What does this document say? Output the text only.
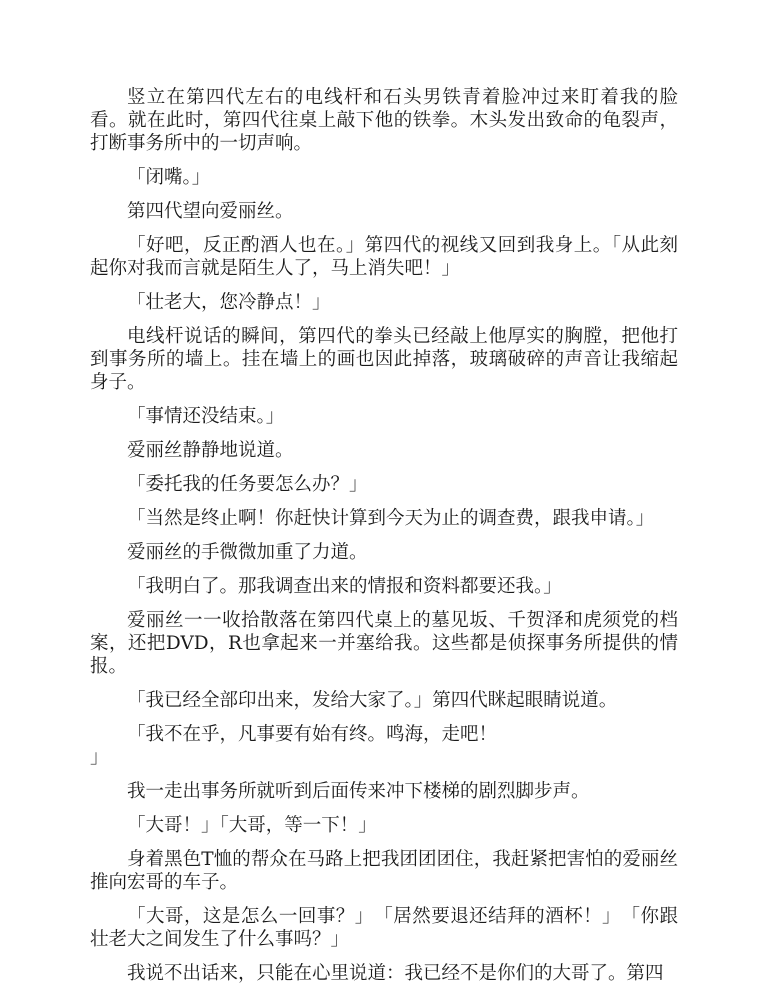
竖立在第四代左右的电线杆和石头男铁青着脸冲过来盯着我的脸看。就在此时，第四代往桌上敲下他的铁拳。木头发出致命的龟裂声，打断事务所中的一切声响。

「闭嘴。」

第四代望向爱丽丝。

「好吧，反正酌酒人也在。」第四代的视线又回到我身上。「从此刻起你对我而言就是陌生人了，马上消失吧！」

「壮老大，您冷静点！」

电线杆说话的瞬间，第四代的拳头已经敲上他厚实的胸膛，把他打到事务所的墙上。挂在墙上的画也因此掉落，玻璃破碎的声音让我缩起身子。

「事情还没结束。」

爱丽丝静静地说道。

「委托我的任务要怎么办？」

「当然是终止啊！你赶快计算到今天为止的调查费，跟我申请。」

爱丽丝的手微微加重了力道。

「我明白了。那我调查出来的情报和资料都要还我。」

爱丽丝一一收拾散落在第四代桌上的墓见坂、千贺泽和虎须党的档案，还把DVD，R也拿起来一并塞给我。这些都是侦探事务所提供的情报。

「我已经全部印出来，发给大家了。」第四代眯起眼睛说道。

「我不在乎，凡事要有始有终。鸣海，走吧！
」

我一走出事务所就听到后面传来冲下楼梯的剧烈脚步声。

「大哥！」「大哥，等一下！」

身着黑色T恤的帮众在马路上把我团团团住，我赶紧把害怕的爱丽丝推向宏哥的车子。

「大哥，这是怎么一回事？」　「居然要退还结拜的酒杯！」　「你跟壮老大之间发生了什么事吗？」

我说不出话来，只能在心里说道：我已经不是你们的大哥了。第四
